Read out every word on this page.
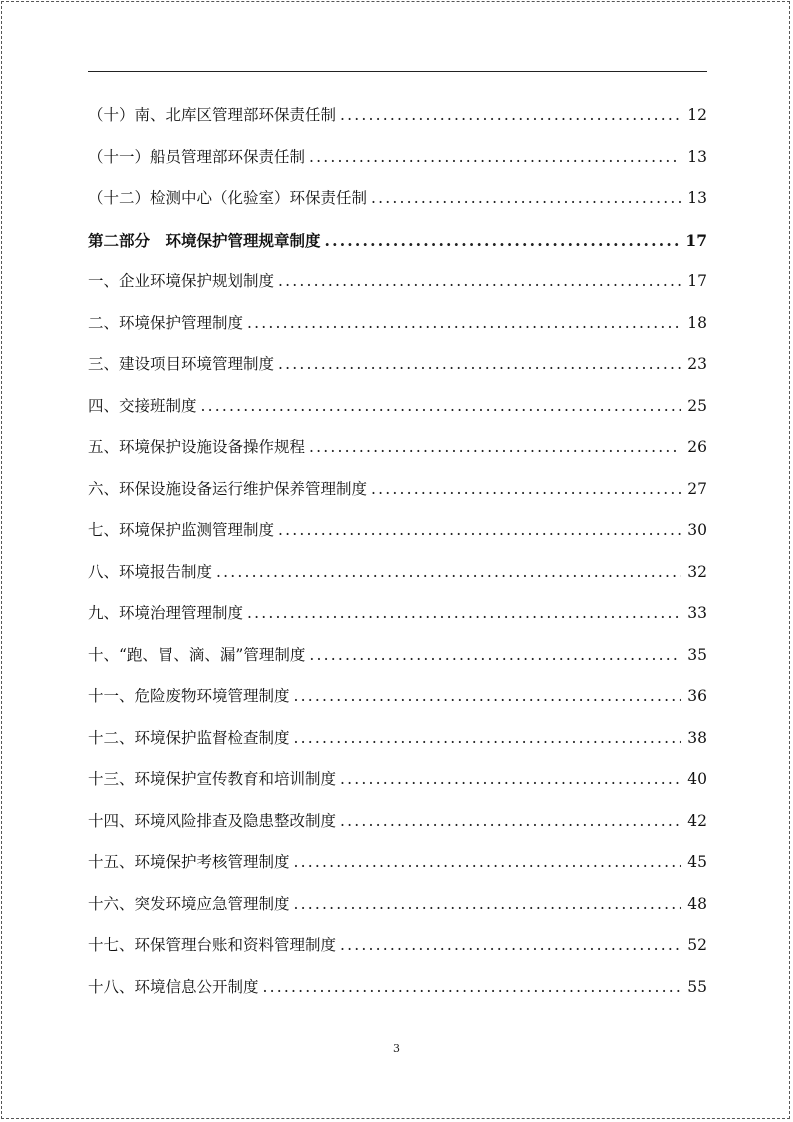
（十）南、北库区管理部环保责任制 .....	12
（十一）船员管理部环保责任制 .....	13
（十二）检测中心（化验室）环保责任制 .....	13
第二部分　环境保护管理规章制度 .....	17
一、企业环境保护规划制度 .....	17
二、环境保护管理制度 .....	18
三、建设项目环境管理制度 .....	23
四、交接班制度 .....	25
五、环境保护设施设备操作规程 .....	26
六、环保设施设备运行维护保养管理制度 .....	27
七、环境保护监测管理制度 .....	30
八、环境报告制度 .....	32
九、环境治理管理制度 .....	33
十、“跑、冒、滴、漏”管理制度 .....	35
十一、危险废物环境管理制度 .....	36
十二、环境保护监督检查制度 .....	38
十三、环境保护宣传教育和培训制度 .....	40
十四、环境风险排查及隐患整改制度 .....	42
十五、环境保护考核管理制度 .....	45
十六、突发环境应急管理制度 .....	48
十七、环保管理台账和资料管理制度 .....	52
十八、环境信息公开制度 .....	55
3
